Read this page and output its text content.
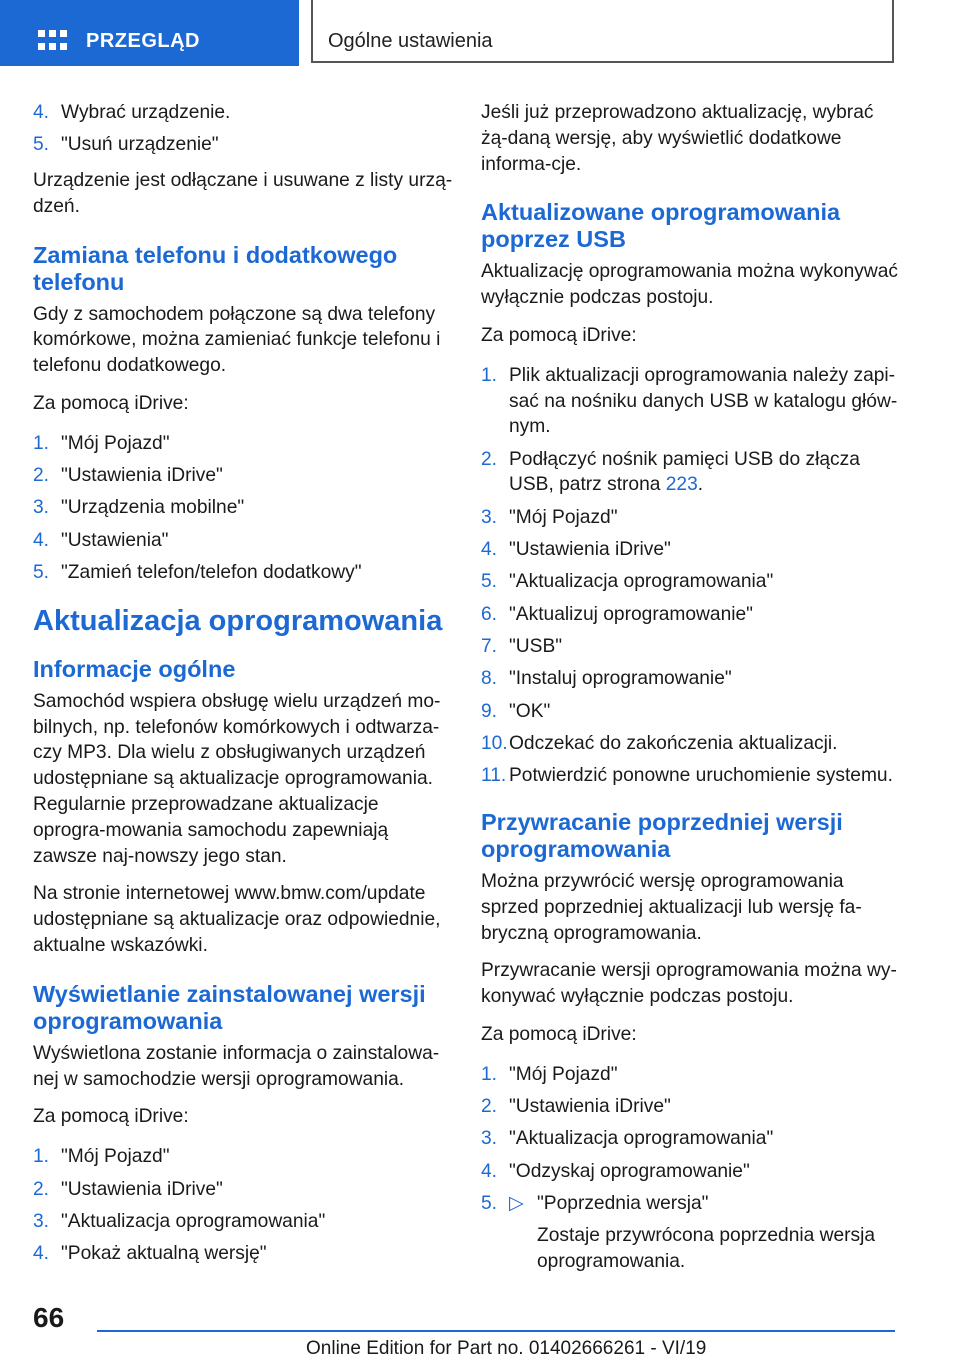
PRZEGLĄD	Ogólne ustawienia
4. Wybrać urządzenie.
5. "Usuń urządzenie"

Urządzenie jest odłączane i usuwane z listy urzą-dzeń.

Zamiana telefonu i dodatkowego telefonu

Gdy z samochodem połączone są dwa telefony komórkowe, można zamieniać funkcje telefonu i telefonu dodatkowego.

Za pomocą iDrive:

1. "Mój Pojazd"
2. "Ustawienia iDrive"
3. "Urządzenia mobilne"
4. "Ustawienia"
5. "Zamień telefon/telefon dodatkowy"
Aktualizacja oprogramowania
Informacje ogólne

Samochód wspiera obsługę wielu urządzeń mo-bilnych, np. telefonów komórkowych i odtwarza-czy MP3. Dla wielu z obsługiwanych urządzeń udostępniane są aktualizacje oprogramowania. Regularnie przeprowadzane aktualizacje oprogra-mowania samochodu zapewniają zawsze naj-nowszy jego stan.

Na stronie internetowej www.bmw.com/update udostępniane są aktualizacje oraz odpowiednie, aktualne wskazówki.

Wyświetlanie zainstalowanej wersji oprogramowania

Wyświetlona zostanie informacja o zainstalowa-nej w samochodzie wersji oprogramowania.

Za pomocą iDrive:

1. "Mój Pojazd"
2. "Ustawienia iDrive"
3. "Aktualizacja oprogramowania"
4. "Pokaż aktualną wersję"

Jeśli już przeprowadzono aktualizację, wybrać żą-daną wersję, aby wyświetlić dodatkowe informa-cje.

Aktualizowane oprogramowania poprzez USB

Aktualizację oprogramowania można wykonywać wyłącznie podczas postoju.

Za pomocą iDrive:

1. Plik aktualizacji oprogramowania należy zapi-sać na nośniku danych USB w katalogu głów-nym.
2. Podłączyć nośnik pamięci USB do złącza USB, patrz strona 223.
3. "Mój Pojazd"
4. "Ustawienia iDrive"
5. "Aktualizacja oprogramowania"
6. "Aktualizuj oprogramowanie"
7. "USB"
8. "Instaluj oprogramowanie"
9. "OK"
10. Odczekać do zakończenia aktualizacji.
11. Potwierdzić ponowne uruchomienie systemu.
Przywracanie poprzedniej wersji oprogramowania

Można przywrócić wersję oprogramowania sprzed poprzedniej aktualizacji lub wersję fa-bryczną oprogramowania.

Przywracanie wersji oprogramowania można wy-konywać wyłącznie podczas postoju.

Za pomocą iDrive:

1. "Mój Pojazd"
2. "Ustawienia iDrive"
3. "Aktualizacja oprogramowania"
4. "Odzyskaj oprogramowanie"
5. ▷ "Poprzednia wersja"
Zostaje przywrócona poprzednia wersja oprogramowania.
66
Online Edition for Part no. 01402666261 - VI/19
